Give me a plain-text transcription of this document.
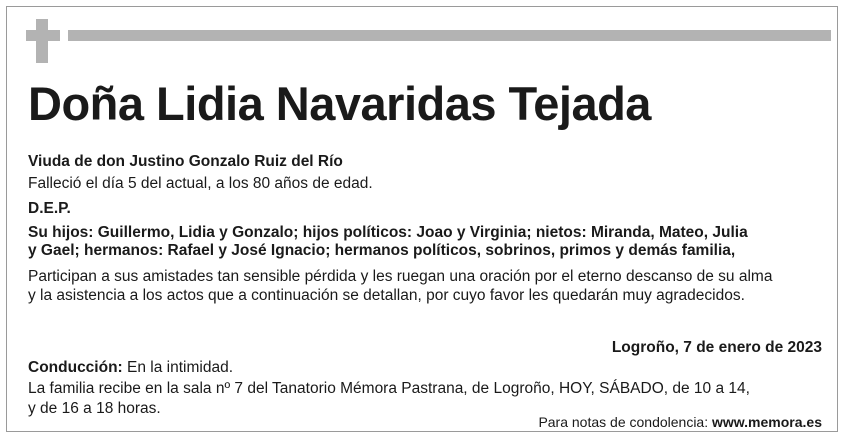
Doña Lidia Navaridas Tejada
Viuda de don Justino Gonzalo Ruiz del Río
Falleció el día 5 del actual, a los 80 años de edad.
D.E.P.
Su hijos: Guillermo, Lidia y Gonzalo; hijos políticos: Joao y Virginia; nietos: Miranda, Mateo, Julia
y Gael; hermanos: Rafael y José Ignacio; hermanos políticos, sobrinos, primos y demás familia,
Participan a sus amistades tan sensible pérdida y les ruegan una oración por el eterno descanso de su alma
y la asistencia a los actos que a continuación se detallan, por cuyo favor les quedarán muy agradecidos.
Logroño, 7 de enero de 2023
Conducción: En la intimidad.
La familia recibe en la sala nº 7 del Tanatorio Mémora Pastrana, de Logroño, HOY, SÁBADO, de 10 a 14,
y de 16 a 18 horas.
Para notas de condolencia: www.memora.es
